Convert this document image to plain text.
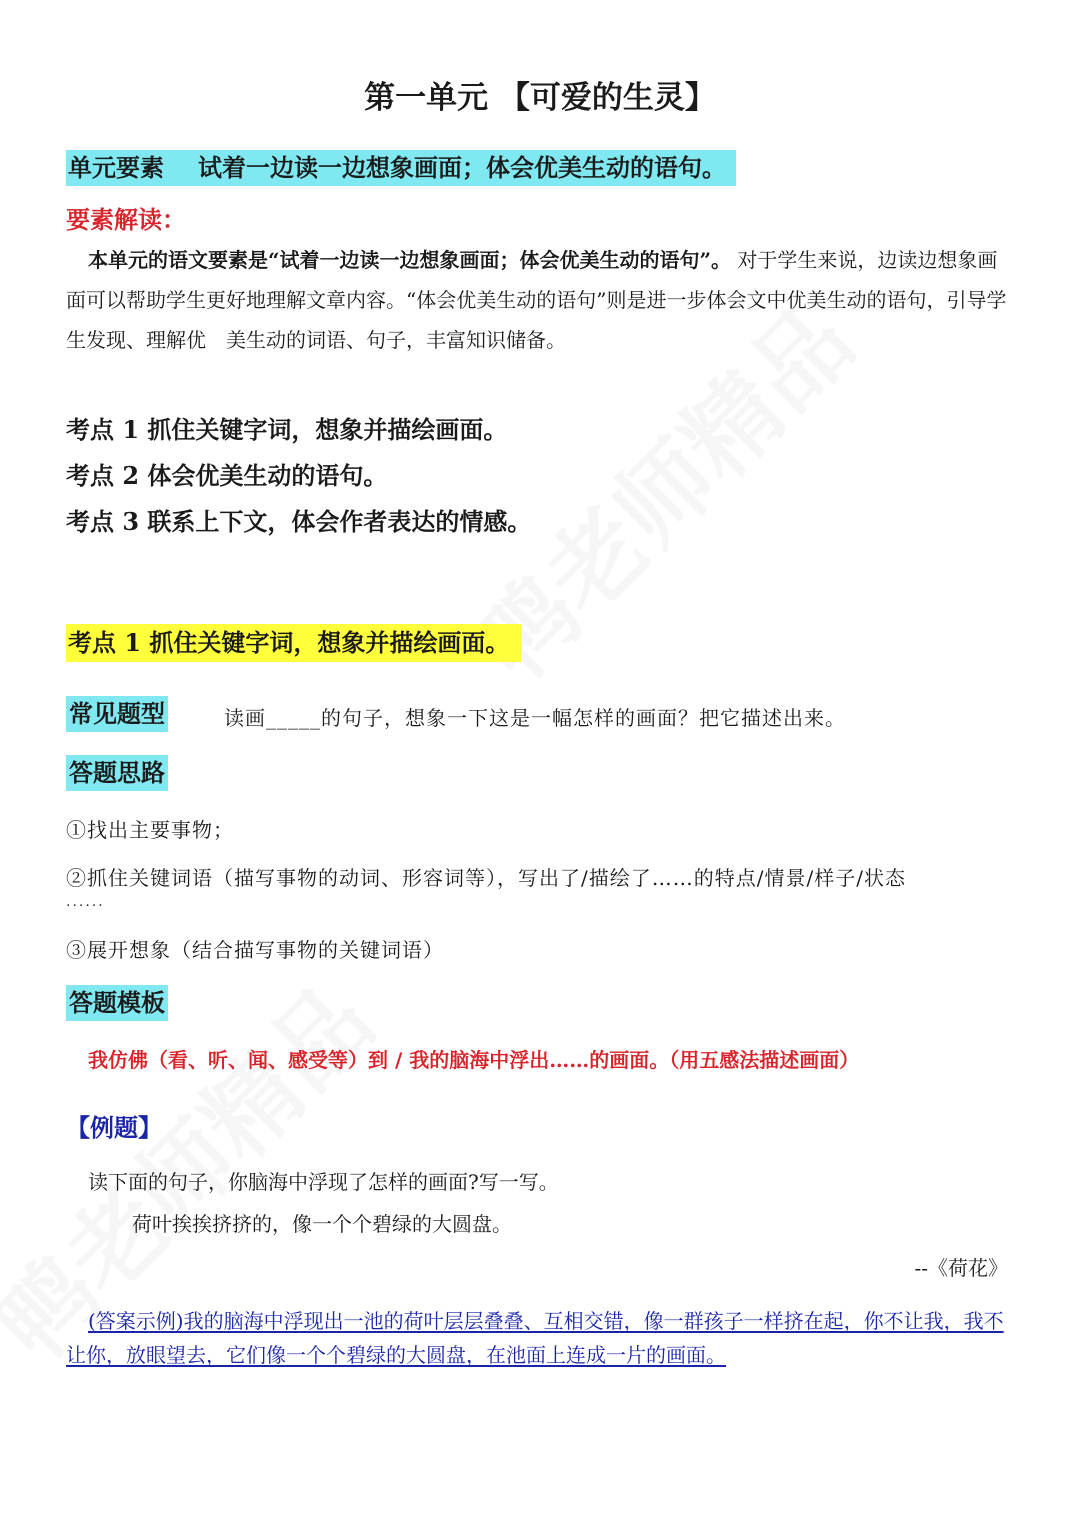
第一单元 【可爱的生灵】
单元要素 试着一边读一边想象画面；体会优美生动的语句。
要素解读：
本单元的语文要素是“试着一边读一边想象画面；体会优美生动的语句”。 对于学生来说，边读边想象画面可以帮助学生更好地理解文章内容。“体会优美生动的语句”则是进一步体会文中优美生动的语句，引导学生发现、理解优　美生动的词语、句子，丰富知识储备。
考点 1 抓住关键字词，想象并描绘画面。
考点 2 体会优美生动的语句。
考点 3 联系上下文，体会作者表达的情感。
考点 1 抓住关键字词，想象并描绘画面。
常见题型	读画_____的句子，想象一下这是一幅怎样的画面？把它描述出来。
答题思路
①找出主要事物；
②抓住关键词语（描写事物的动词、形容词等），写出了/描绘了……的特点/情景/样子/状态
......
③展开想象（结合描写事物的关键词语）
答题模板
我仿佛（看、听、闻、感受等）到 / 我的脑海中浮出……的画面。（用五感法描述画面）
【例题】
读下面的句子，你脑海中浮现了怎样的画面?写一写。
荷叶挨挨挤挤的，像一个个碧绿的大圆盘。
--《荷花》
(答案示例)我的脑海中浮现出一池的荷叶层层叠叠、互相交错，像一群孩子一样挤在起，你不让我，我不让你，放眼望去，它们像一个个碧绿的大圆盘，在池面上连成一片的画面。
